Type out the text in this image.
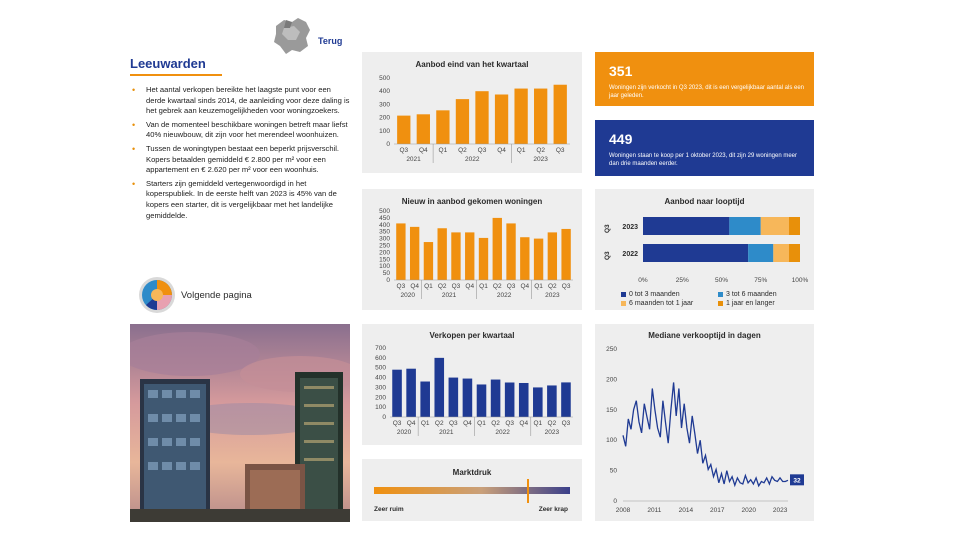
Terug
Leeuwarden
• Het aantal verkopen bereikte het laagste punt voor een derde kwartaal sinds 2014, de aanleiding voor deze daling is het gebrek aan keuzemogelijkheden voor woningzoekers.
• Van de momenteel beschikbare woningen betreft maar liefst 40% nieuwbouw, dit zijn voor het merendeel woonhuizen.
• Tussen de woningtypen bestaat een beperkt prijsverschil. Kopers betaalden gemiddeld € 2.800 per m² voor een appartement en € 2.620 per m² voor een woonhuis.
• Starters zijn gemiddeld vertegenwoordigd in het koperspubliek. In de eerste helft van 2023 is 45% van de kopers een starter, dit is vergelijkbaar met het landelijke gemiddelde.
Volgende pagina
Aanbod eind van het kwartaal
0
100
200
300
400
500
Q3 Q4 Q1 Q2 Q3 Q4 Q1 Q2 Q3
2021	2022	2023
Nieuw in aanbod gekomen woningen
0
50
100
150
200
250
300
350
400
450
500
Q3 Q4 Q1 Q2 Q3 Q4 Q1 Q2 Q3 Q4 Q1 Q2 Q3
2020	2021	2022	2023
Verkopen per kwartaal
0
100
200
300
400
500
600
700
Q3 Q4 Q1 Q2 Q3 Q4 Q1 Q2 Q3 Q4 Q1 Q2 Q3
2020	2021	2022	2023
Marktdruk
Zeer ruim	Zeer krap
351
Woningen zijn verkocht in Q3 2023, dit is een vergelijkbaar aantal als een jaar geleden.
449
Woningen staan te koop per 1 oktober 2023, dit zijn 29 woningen meer dan drie maanden eerder.
Aanbod naar looptijd
2023
Q3
2022
Q3
0%	25%	50%	75%	100%
0 tot 3 maanden	3 tot 6 maanden
6 maanden tot 1 jaar	1 jaar en langer
Mediane verkooptijd in dagen
0
50
100
150
200
250
2008	2011	2014	2017	2020	2023
32
